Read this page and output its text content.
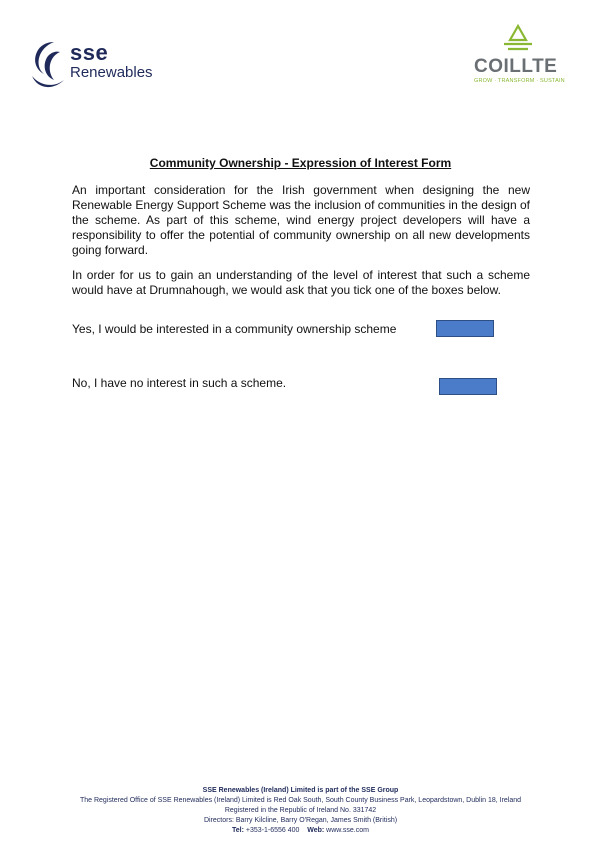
sse
Renewables	COILLTE
GROW · TRANSFORM · SUSTAIN
Community Ownership - Expression of Interest Form

An important consideration for the Irish government when designing the new Renewable Energy Support Scheme was the inclusion of communities in the design of the scheme. As part of this scheme, wind energy project developers will have a responsibility to offer the potential of community ownership on all new developments going forward.

In order for us to gain an understanding of the level of interest that such a scheme would have at Drumnahough, we would ask that you tick one of the boxes below.

Yes, I would be interested in a community ownership scheme
No, I have no interest in such a scheme.
SSE Renewables (Ireland) Limited is part of the SSE Group
The Registered Office of SSE Renewables (Ireland) Limited is Red Oak South, South County Business Park, Leopardstown, Dublin 18, Ireland
Registered in the Republic of Ireland No. 331742
Directors: Barry Kilcline, Barry O'Regan, James Smith (British)
Tel: +353-1-6556 400 Web: www.sse.com
